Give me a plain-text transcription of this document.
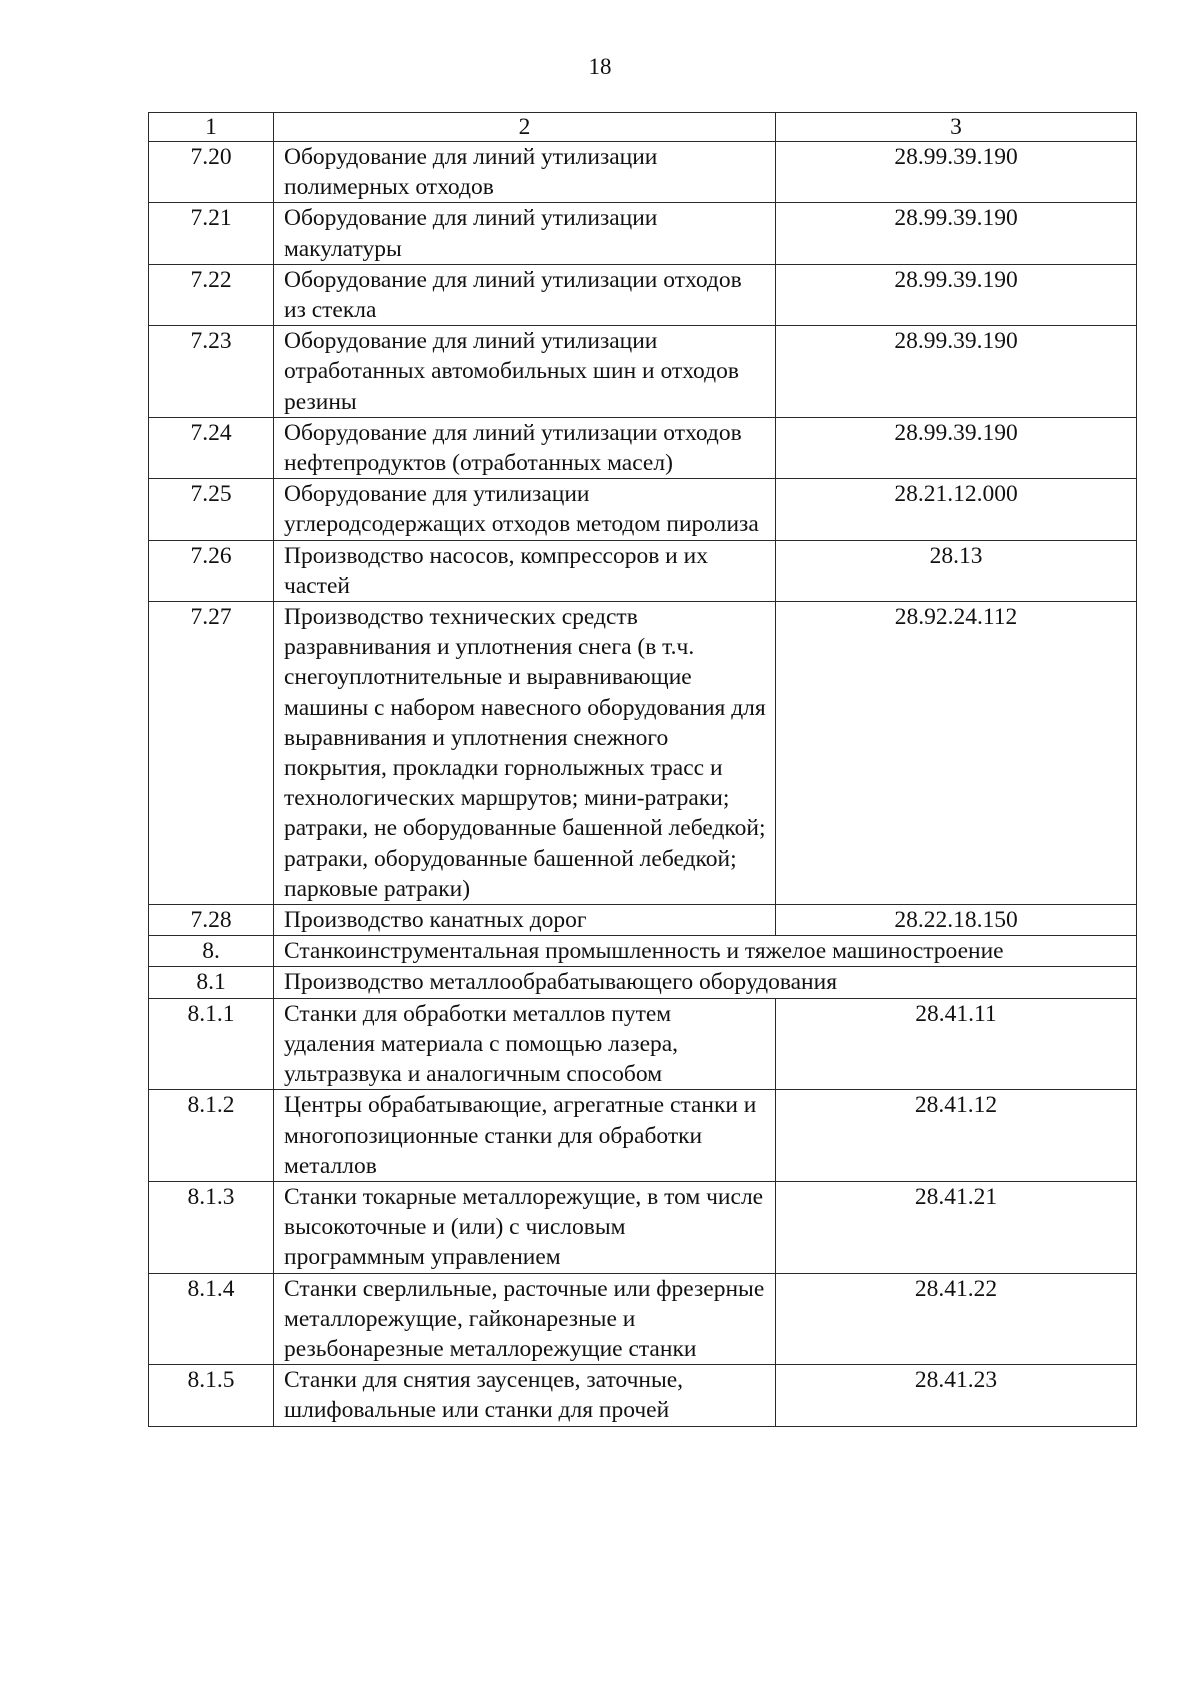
18
1	2	3
7.20	Оборудование для линий утилизации полимерных отходов	28.99.39.190
7.21	Оборудование для линий утилизации макулатуры	28.99.39.190
7.22	Оборудование для линий утилизации отходов из стекла	28.99.39.190
7.23	Оборудование для линий утилизации отработанных автомобильных шин и отходов резины	28.99.39.190
7.24	Оборудование для линий утилизации отходов нефтепродуктов (отработанных масел)	28.99.39.190
7.25	Оборудование для утилизации углеродсодержащих отходов методом пиролиза	28.21.12.000
7.26	Производство насосов, компрессоров и их частей	28.13
7.27	Производство технических средств разравнивания и уплотнения снега (в т.ч. снегоуплотнительные и выравнивающие машины с набором навесного оборудования для выравнивания и уплотнения снежного покрытия, прокладки горнолыжных трасс и технологических маршрутов; мини-ратраки; ратраки, не оборудованные башенной лебедкой; ратраки, оборудованные башенной лебедкой; парковые ратраки)	28.92.24.112
7.28	Производство канатных дорог	28.22.18.150
8.	Станкоинструментальная промышленность и тяжелое машиностроение	
8.1	Производство металлообрабатывающего оборудования	
8.1.1	Станки для обработки металлов путем удаления материала с помощью лазера, ультразвука и аналогичным способом	28.41.11
8.1.2	Центры обрабатывающие, агрегатные станки и многопозиционные станки для обработки металлов	28.41.12
8.1.3	Станки токарные металлорежущие, в том числе высокоточные и (или) с числовым программным управлением	28.41.21
8.1.4	Станки сверлильные, расточные или фрезерные металлорежущие, гайконарезные и резьбонарезные металлорежущие станки	28.41.22
8.1.5	Станки для снятия заусенцев, заточные, шлифовальные или станки для прочей	28.41.23
